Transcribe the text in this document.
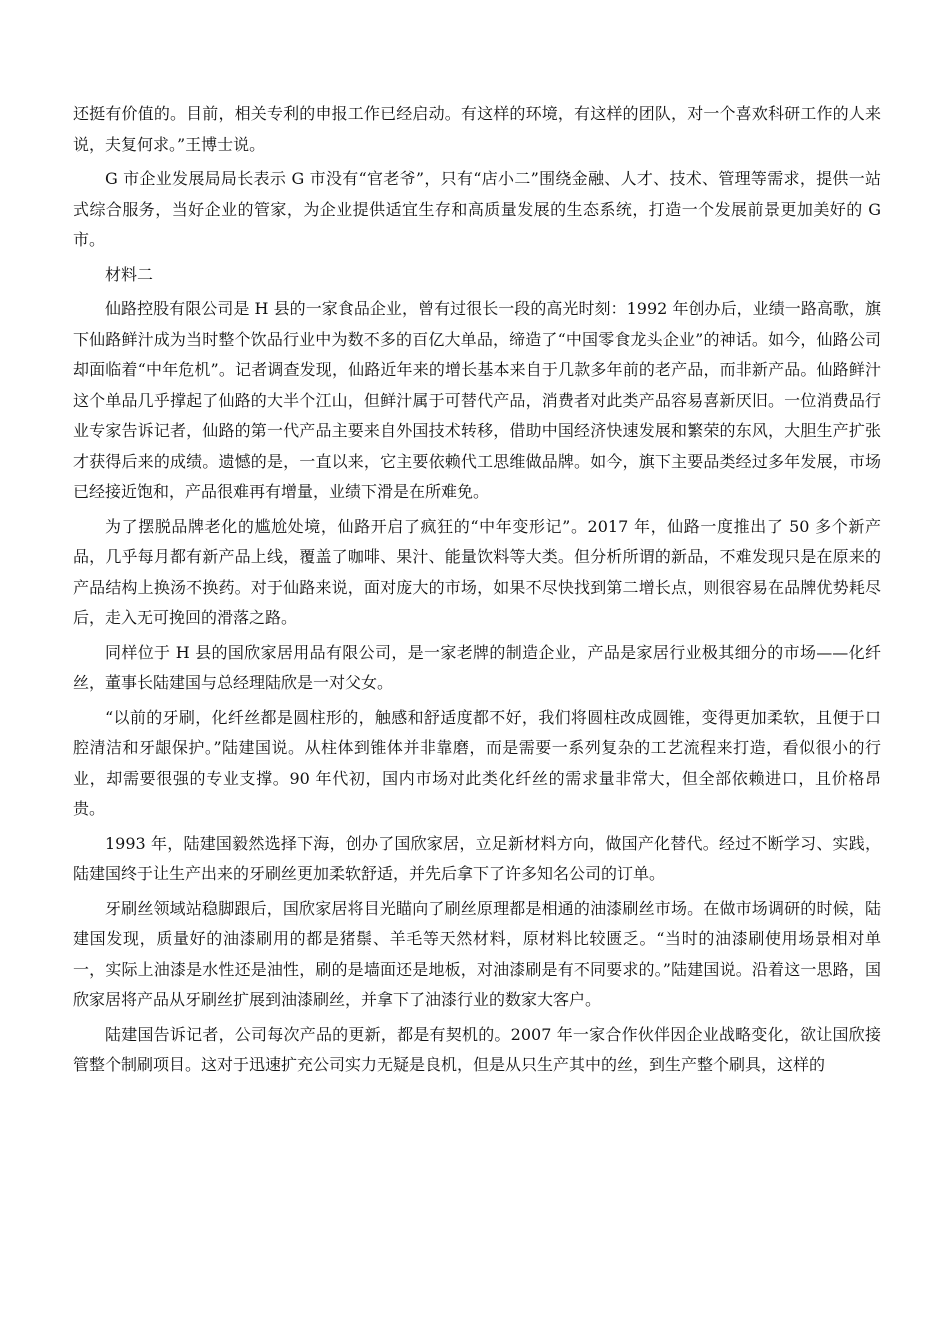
还挺有价值的。目前，相关专利的申报工作已经启动。有这样的环境，有这样的团队，对一个喜欢科研工作的人来说，夫复何求。”王博士说。

G 市企业发展局局长表示 G 市没有“官老爷”，只有“店小二”围绕金融、人才、技术、管理等需求，提供一站式综合服务，当好企业的管家，为企业提供适宜生存和高质量发展的生态系统，打造一个发展前景更加美好的 G 市。

材料二

仙路控股有限公司是 H 县的一家食品企业，曾有过很长一段的高光时刻：1992 年创办后，业绩一路高歌，旗下仙路鲜汁成为当时整个饮品行业中为数不多的百亿大单品，缔造了“中国零食龙头企业”的神话。如今，仙路公司却面临着“中年危机”。记者调查发现，仙路近年来的增长基本来自于几款多年前的老产品，而非新产品。仙路鲜汁这个单品几乎撑起了仙路的大半个江山，但鲜汁属于可替代产品，消费者对此类产品容易喜新厌旧。一位消费品行业专家告诉记者，仙路的第一代产品主要来自外国技术转移，借助中国经济快速发展和繁荣的东风，大胆生产扩张才获得后来的成绩。遗憾的是，一直以来，它主要依赖代工思维做品牌。如今，旗下主要品类经过多年发展，市场已经接近饱和，产品很难再有增量，业绩下滑是在所难免。

为了摆脱品牌老化的尴尬处境，仙路开启了疯狂的“中年变形记”。2017 年，仙路一度推出了 50 多个新产品，几乎每月都有新产品上线，覆盖了咖啡、果汁、能量饮料等大类。但分析所谓的新品，不难发现只是在原来的产品结构上换汤不换药。对于仙路来说，面对庞大的市场，如果不尽快找到第二增长点，则很容易在品牌优势耗尽后，走入无可挽回的滑落之路。

同样位于 H 县的国欣家居用品有限公司，是一家老牌的制造企业，产品是家居行业极其细分的市场——化纤丝，董事长陆建国与总经理陆欣是一对父女。

“以前的牙刷，化纤丝都是圆柱形的，触感和舒适度都不好，我们将圆柱改成圆锥，变得更加柔软，且便于口腔清洁和牙龈保护。”陆建国说。从柱体到锥体并非靠磨，而是需要一系列复杂的工艺流程来打造，看似很小的行业，却需要很强的专业支撑。90 年代初，国内市场对此类化纤丝的需求量非常大，但全部依赖进口，且价格昂贵。

1993 年，陆建国毅然选择下海，创办了国欣家居，立足新材料方向，做国产化替代。经过不断学习、实践，陆建国终于让生产出来的牙刷丝更加柔软舒适，并先后拿下了许多知名公司的订单。

牙刷丝领域站稳脚跟后，国欣家居将目光瞄向了刷丝原理都是相通的油漆刷丝市场。在做市场调研的时候，陆建国发现，质量好的油漆刷用的都是猪鬃、羊毛等天然材料，原材料比较匮乏。“当时的油漆刷使用场景相对单一，实际上油漆是水性还是油性，刷的是墙面还是地板，对油漆刷是有不同要求的。”陆建国说。沿着这一思路，国欣家居将产品从牙刷丝扩展到油漆刷丝，并拿下了油漆行业的数家大客户。

陆建国告诉记者，公司每次产品的更新，都是有契机的。2007 年一家合作伙伴因企业战略变化，欲让国欣接管整个制刷项目。这对于迅速扩充公司实力无疑是良机，但是从只生产其中的丝，到生产整个刷具，这样的
